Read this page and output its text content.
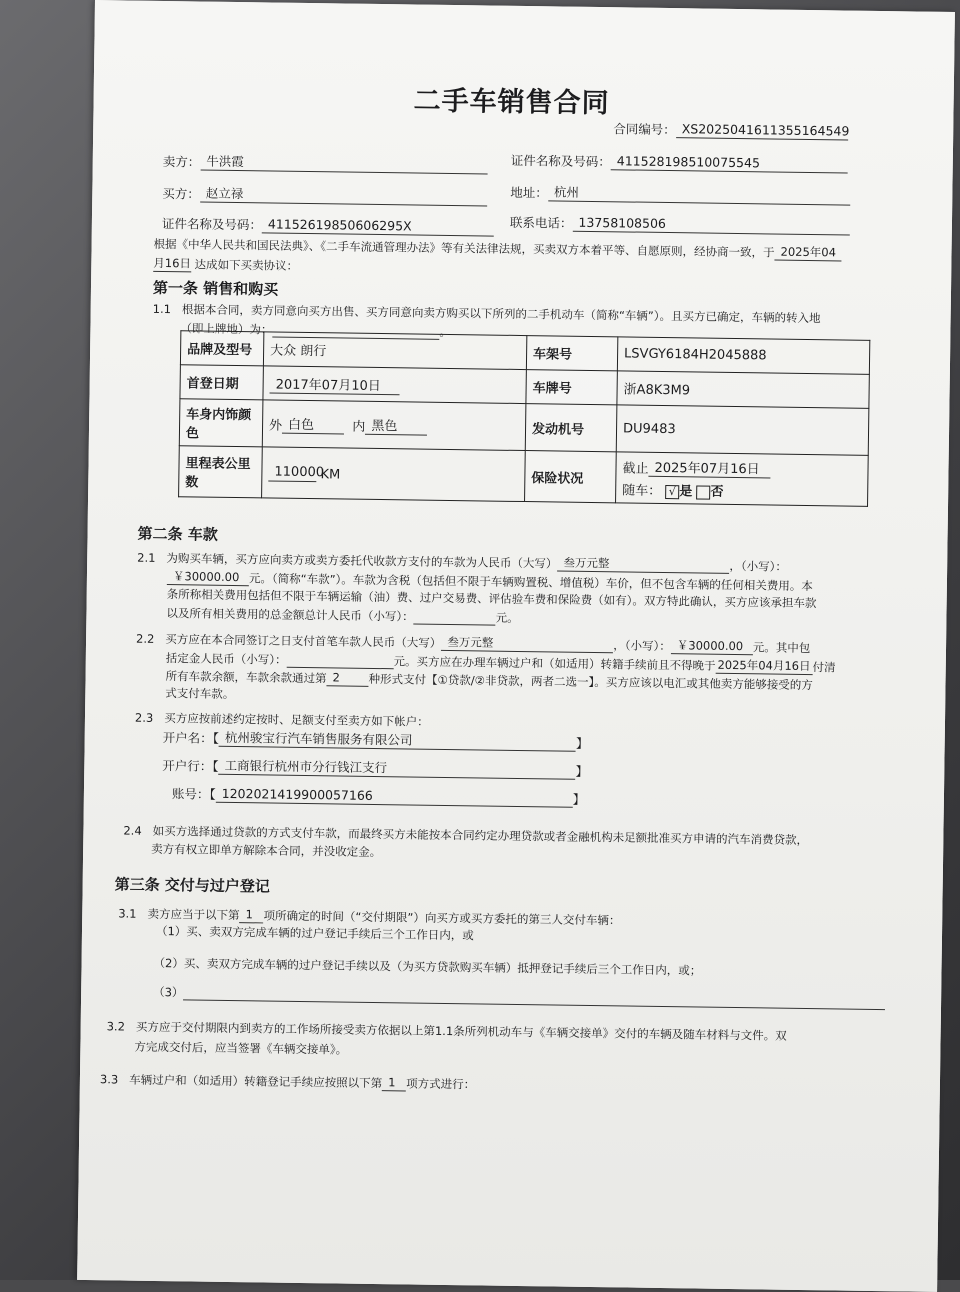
二手车销售合同
合同编号： XS2025041611355164549
卖方： 牛洪霞	证件名称及号码： 411528198510075545
买方： 赵立禄	地址： 杭州
证件名称及号码： 41152619850606295X	联系电话： 13758108506
根据《中华人民共和国民法典》、《二手车流通管理办法》等有关法律法规，买卖双方本着平等、自愿原则，经协商一致，于 2025年04
月16日 达成如下买卖协议：
第一条 销售和购买
1.1 根据本合同，卖方同意向买方出售、买方同意向卖方购买以下所列的二手机动车（简称“车辆”）。且买方已确定，车辆的转入地
（即上牌地）为：	。
品牌及型号	大众 朗行	车架号	LSVGY6184H2045888
首登日期	2017年07月10日	车牌号	浙A8K3M9
车身内饰颜色	外 白色 内 黑色	发动机号	DU9483
里程表公里数	110000 KM	保险状况	截止 2025年07月16日
随车： √ 是 否
第二条 车款
2.1 为购买车辆，买方应向卖方或卖方委托代收款方支付的车款为人民币（大写） 叁万元整	，（小写）：
￥30000.00 元。（简称“车款”）。车款为含税（包括但不限于车辆购置税、增值税）车价，但不包含车辆的任何相关费用。本
条所称相关费用包括但不限于车辆运输（油）费、过户交易费、评估验车费和保险费（如有）。双方特此确认，买方应该承担车款
以及所有相关费用的总金额总计人民币（小写）：	元。
2.2 买方应在本合同签订之日支付首笔车款人民币（大写） 叁万元整	，（小写）： ￥30000.00 元。其中包
括定金人民币（小写）：	元。买方应在办理车辆过户和（如适用）转籍手续前且不得晚于 2025年04月16日 付清
所有车款余额，车款余款通过第 2 种形式支付【①贷款/②非贷款，两者二选一】。买方应该以电汇或其他卖方能够接受的方
式支付车款。
2.3 买方应按前述约定按时、足额支付至卖方如下帐户：
开户名：【 杭州骏宝行汽车销售服务有限公司	】
开户行：【 工商银行杭州市分行钱江支行	】
账号：【 1202021419900057166	】
2.4 如买方选择通过贷款的方式支付车款，而最终买方未能按本合同约定办理贷款或者金融机构未足额批准买方申请的汽车消费贷款，
卖方有权立即单方解除本合同，并没收定金。
第三条 交付与过户登记
3.1 卖方应当于以下第 1 项所确定的时间（“交付期限”）向买方或买方委托的第三人交付车辆：
（1）买、卖双方完成车辆的过户登记手续后三个工作日内，或
（2）买、卖双方完成车辆的过户登记手续以及（为买方贷款购买车辆）抵押登记手续后三个工作日内，或；
（3）
3.2 买方应于交付期限内到卖方的工作场所接受卖方依据以上第1.1条所列机动车与《车辆交接单》交付的车辆及随车材料与文件。双
方完成交付后，应当签署《车辆交接单》。
3.3 车辆过户和（如适用）转籍登记手续应按照以下第 1 项方式进行：
